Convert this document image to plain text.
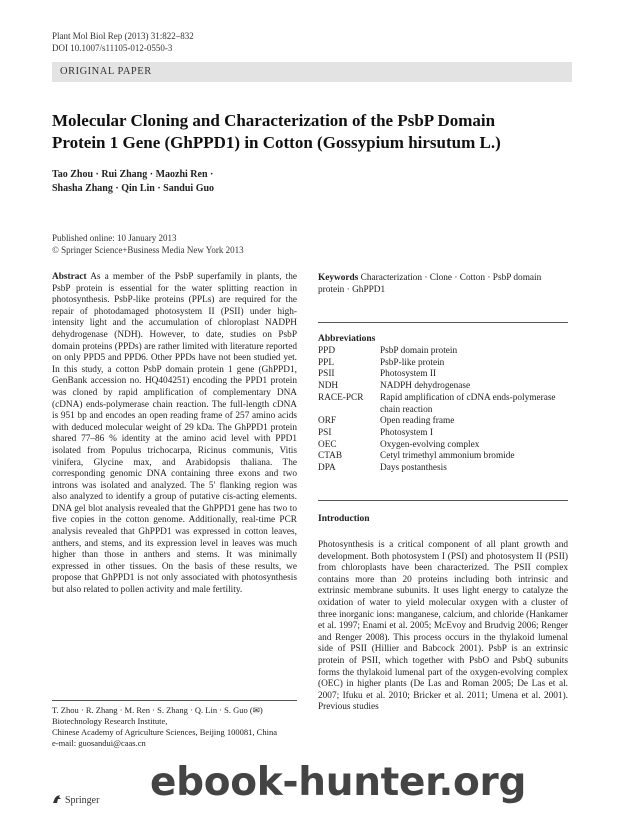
Plant Mol Biol Rep (2013) 31:822–832
DOI 10.1007/s11105-012-0550-3
ORIGINAL PAPER
Molecular Cloning and Characterization of the PsbP Domain Protein 1 Gene (GhPPD1) in Cotton (Gossypium hirsutum L.)
Tao Zhou · Rui Zhang · Maozhi Ren ·
Shasha Zhang · Qin Lin · Sandui Guo
Published online: 10 January 2013
© Springer Science+Business Media New York 2013
Abstract As a member of the PsbP superfamily in plants, the PsbP protein is essential for the water splitting reaction in photosynthesis. PsbP-like proteins (PPLs) are required for the repair of photodamaged photosystem II (PSII) under high-intensity light and the accumulation of chloroplast NADPH dehydrogenase (NDH). However, to date, studies on PsbP domain proteins (PPDs) are rather limited with literature reported on only PPD5 and PPD6. Other PPDs have not been studied yet. In this study, a cotton PsbP domain protein 1 gene (GhPPD1, GenBank accession no. HQ404251) encoding the PPD1 protein was cloned by rapid amplification of complementary DNA (cDNA) ends-polymerase chain reaction. The full-length cDNA is 951 bp and encodes an open reading frame of 257 amino acids with deduced molecular weight of 29 kDa. The GhPPD1 protein shared 77–86 % identity at the amino acid level with PPD1 isolated from Populus trichocarpa, Ricinus communis, Vitis vinifera, Glycine max, and Arabidopsis thaliana. The corresponding genomic DNA containing three exons and two introns was isolated and analyzed. The 5′ flanking region was also analyzed to identify a group of putative cis-acting elements. DNA gel blot analysis revealed that the GhPPD1 gene has two to five copies in the cotton genome. Additionally, real-time PCR analysis revealed that GhPPD1 was expressed in cotton leaves, anthers, and stems, and its expression level in leaves was much higher than those in anthers and stems. It was minimally expressed in other tissues. On the basis of these results, we propose that GhPPD1 is not only associated with photosynthesis but also related to pollen activity and male fertility.
Keywords Characterization · Clone · Cotton · PsbP domain protein · GhPPD1
Abbreviations
PPD	PsbP domain protein
PPL	PsbP-like protein
PSII	Photosystem II
NDH	NADPH dehydrogenase
RACE-PCR	Rapid amplification of cDNA ends-polymerase chain reaction
ORF	Open reading frame
PSI	Photosystem I
OEC	Oxygen-evolving complex
CTAB	Cetyl trimethyl ammonium bromide
DPA	Days postanthesis
Introduction
Photosynthesis is a critical component of all plant growth and development. Both photosystem I (PSI) and photosystem II (PSII) from chloroplasts have been characterized. The PSII complex contains more than 20 proteins including both intrinsic and extrinsic membrane subunits. It uses light energy to catalyze the oxidation of water to yield molecular oxygen with a cluster of three inorganic ions: manganese, calcium, and chloride (Hankamer et al. 1997; Enami et al. 2005; McEvoy and Brudvig 2006; Renger and Renger 2008). This process occurs in the thylakoid lumenal side of PSII (Hillier and Babcock 2001). PsbP is an extrinsic protein of PSII, which together with PsbO and PsbQ subunits forms the thylakoid lumenal part of the oxygen-evolving complex (OEC) in higher plants (De Las and Roman 2005; De Las et al. 2007; Ifuku et al. 2010; Bricker et al. 2011; Umena et al. 2001). Previous studies
T. Zhou · R. Zhang · M. Ren · S. Zhang · Q. Lin · S. Guo (✉)
Biotechnology Research Institute,
Chinese Academy of Agriculture Sciences, Beijing 100081, China
e-mail: guosandui@caas.cn
Springer ebook-hunter.org
